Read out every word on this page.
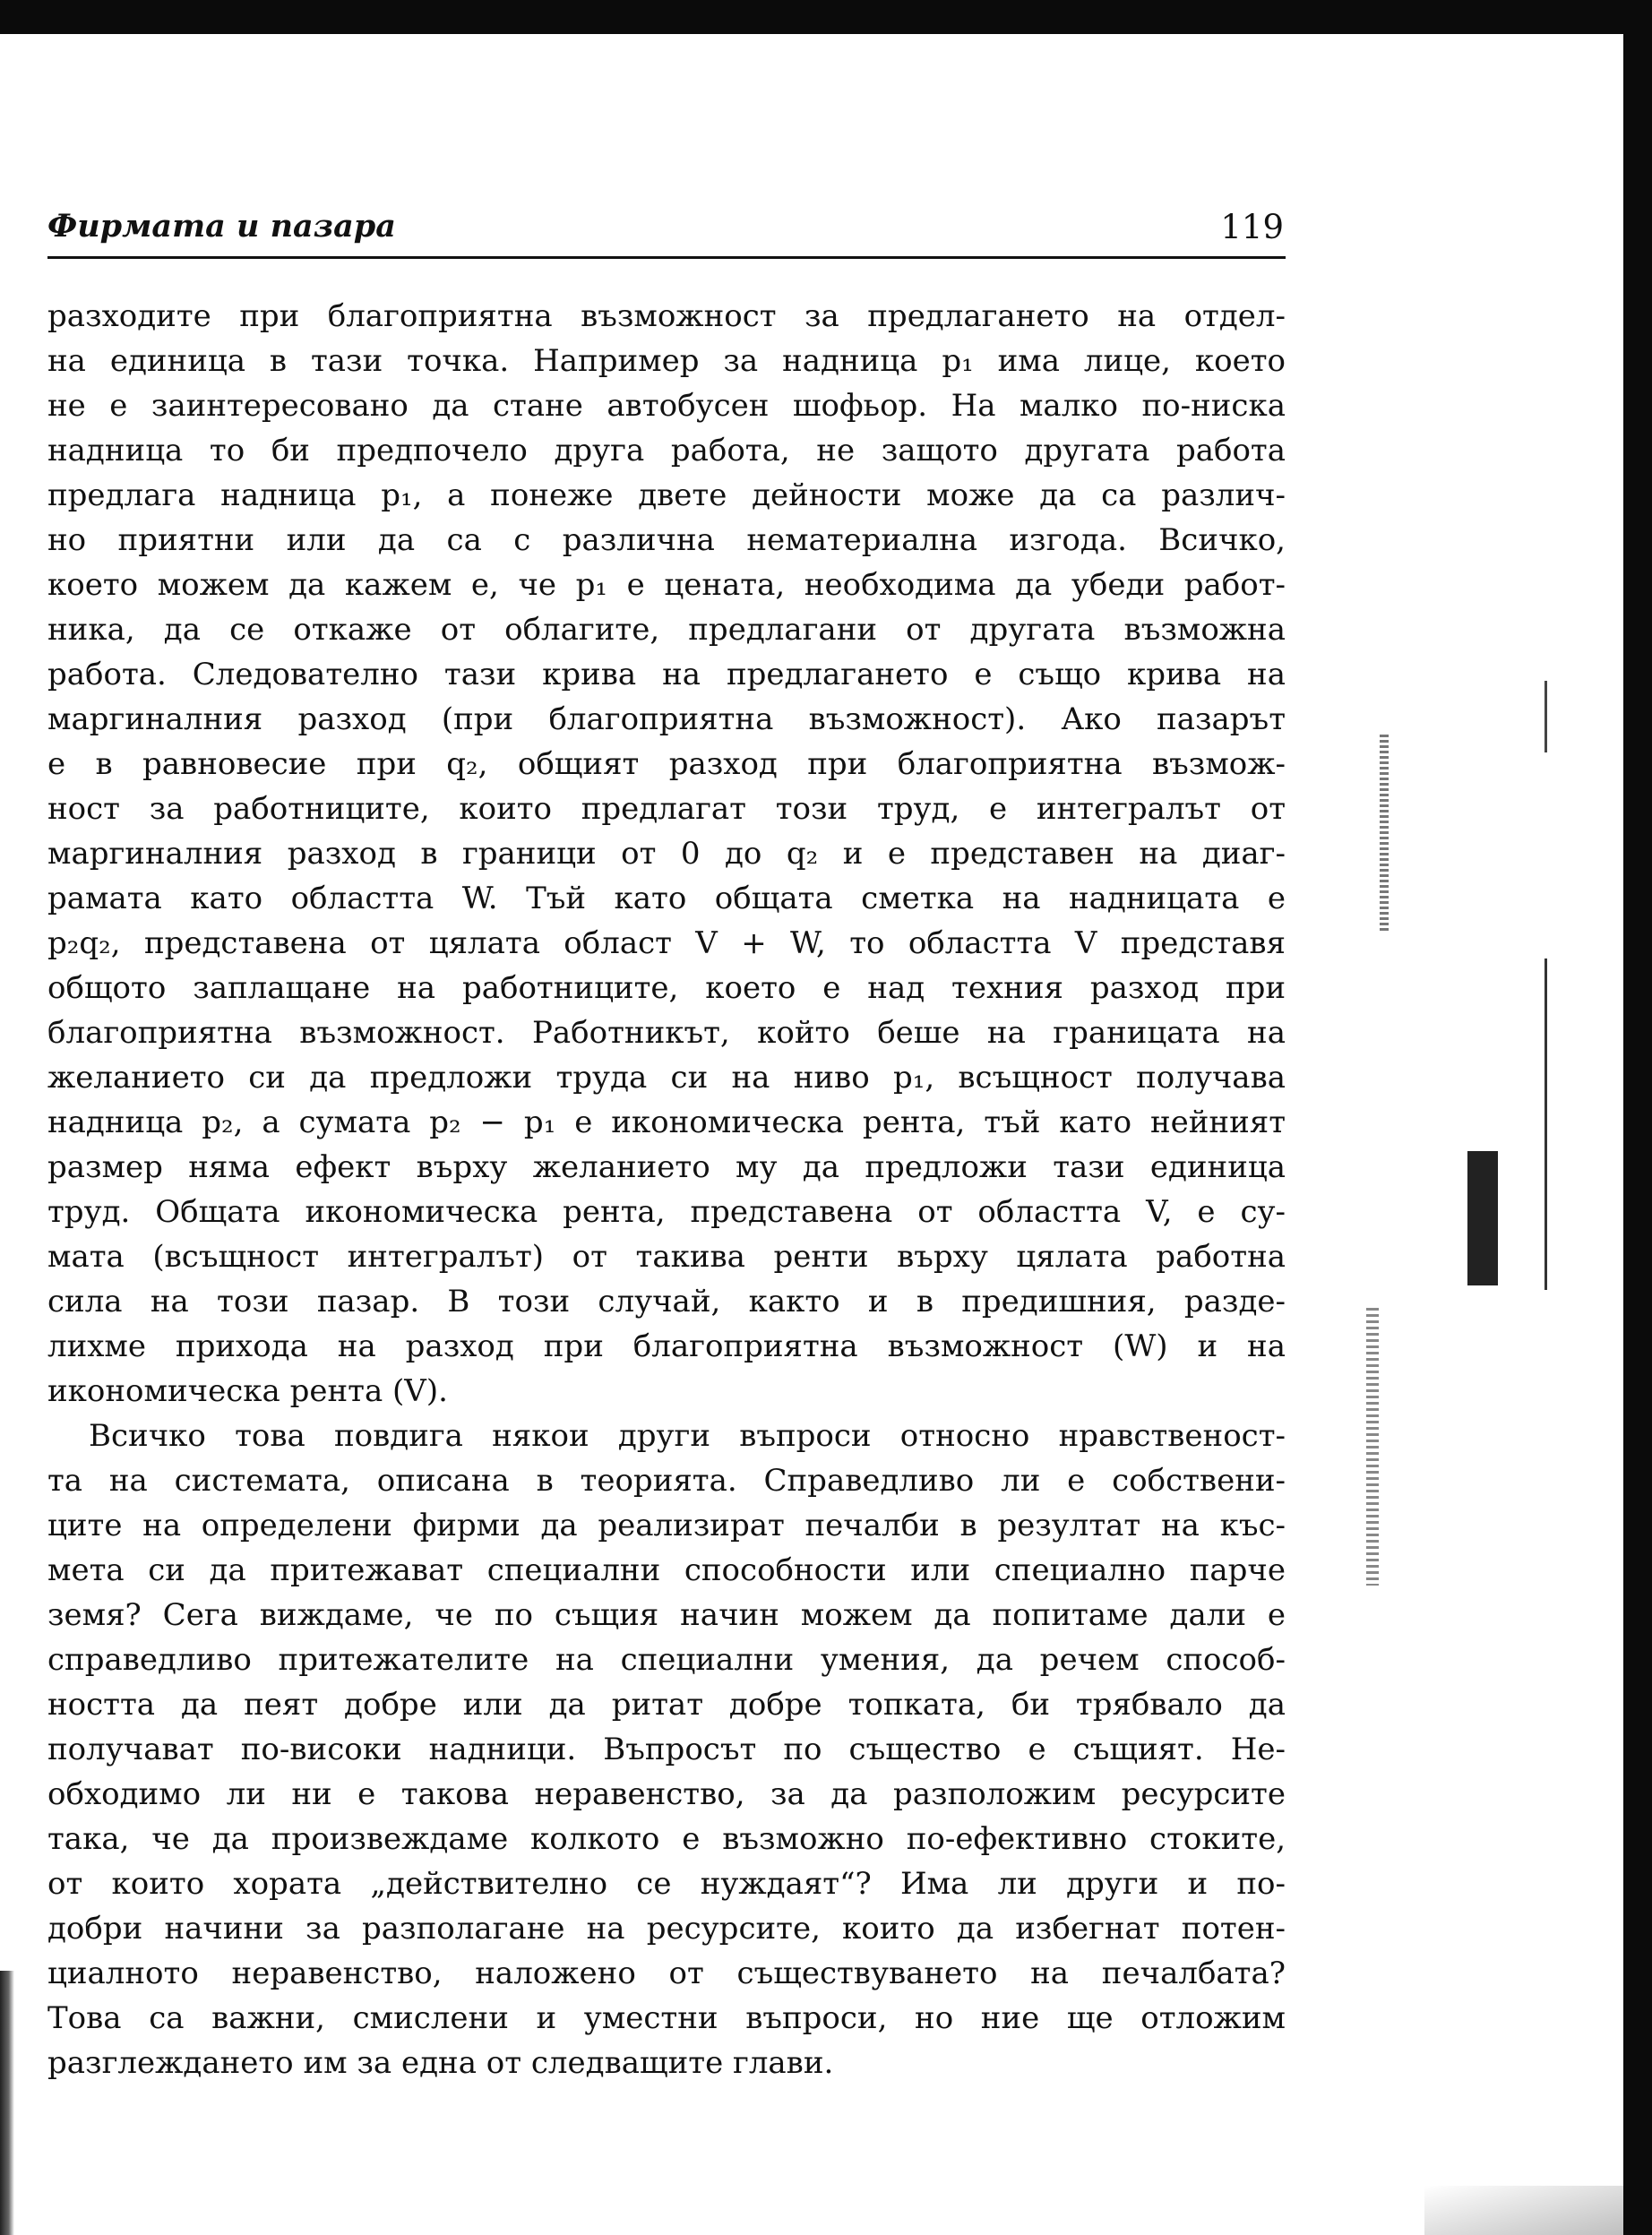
Фирмата и пазара	119
разходите при благоприятна възможност за предлагането на отдел-
на единица в тази точка. Например за надница p₁ има лице, което
не е заинтересовано да стане автобусен шофьор. На малко по-ниска
надница то би предпочело друга работа, не защото другата работа
предлага надница p₁, а понеже двете дейности може да са различ-
но приятни или да са с различна нематериална изгода. Всичко,
което можем да кажем е, че p₁ е цената, необходима да убеди работ-
ника, да се откаже от облагите, предлагани от другата възможна
работа. Следователно тази крива на предлагането е също крива на
маргиналния разход (при благоприятна възможност). Ако пазарът
е в равновесие при q₂, общият разход при благоприятна възмож-
ност за работниците, които предлагат този труд, е интегралът от
маргиналния разход в граници от 0 до q₂ и е представен на диаг-
рамата като областта W. Тъй като общата сметка на надницата е
p₂q₂, представена от цялата област V + W, то областта V представя
общото заплащане на работниците, което е над техния разход при
благоприятна възможност. Работникът, който беше на границата на
желанието си да предложи труда си на ниво p₁, всъщност получава
надница p₂, а сумата p₂ − p₁ е икономическа рента, тъй като нейният
размер няма ефект върху желанието му да предложи тази единица
труд. Общата икономическа рента, представена от областта V, е су-
мата (всъщност интегралът) от такива ренти върху цялата работна
сила на този пазар. В този случай, както и в предишния, разде-
лихме прихода на разход при благоприятна възможност (W) и на
икономическа рента (V).
Всичко това повдига някои други въпроси относно нравственост-
та на системата, описана в теорията. Справедливо ли е собствени-
ците на определени фирми да реализират печалби в резултат на къс-
мета си да притежават специални способности или специално парче
земя? Сега виждаме, че по същия начин можем да попитаме дали е
справедливо притежателите на специални умения, да речем способ-
ността да пеят добре или да ритат добре топката, би трябвало да
получават по-високи надници. Въпросът по същество е същият. Не-
обходимо ли ни е такова неравенство, за да разположим ресурсите
така, че да произвеждаме колкото е възможно по-ефективно стоките,
от които хората „действително се нуждаят“? Има ли други и по-
добри начини за разполагане на ресурсите, които да избегнат потен-
циалното неравенство, наложено от съществуването на печалбата?
Това са важни, смислени и уместни въпроси, но ние ще отложим
разглеждането им за една от следващите глави.
